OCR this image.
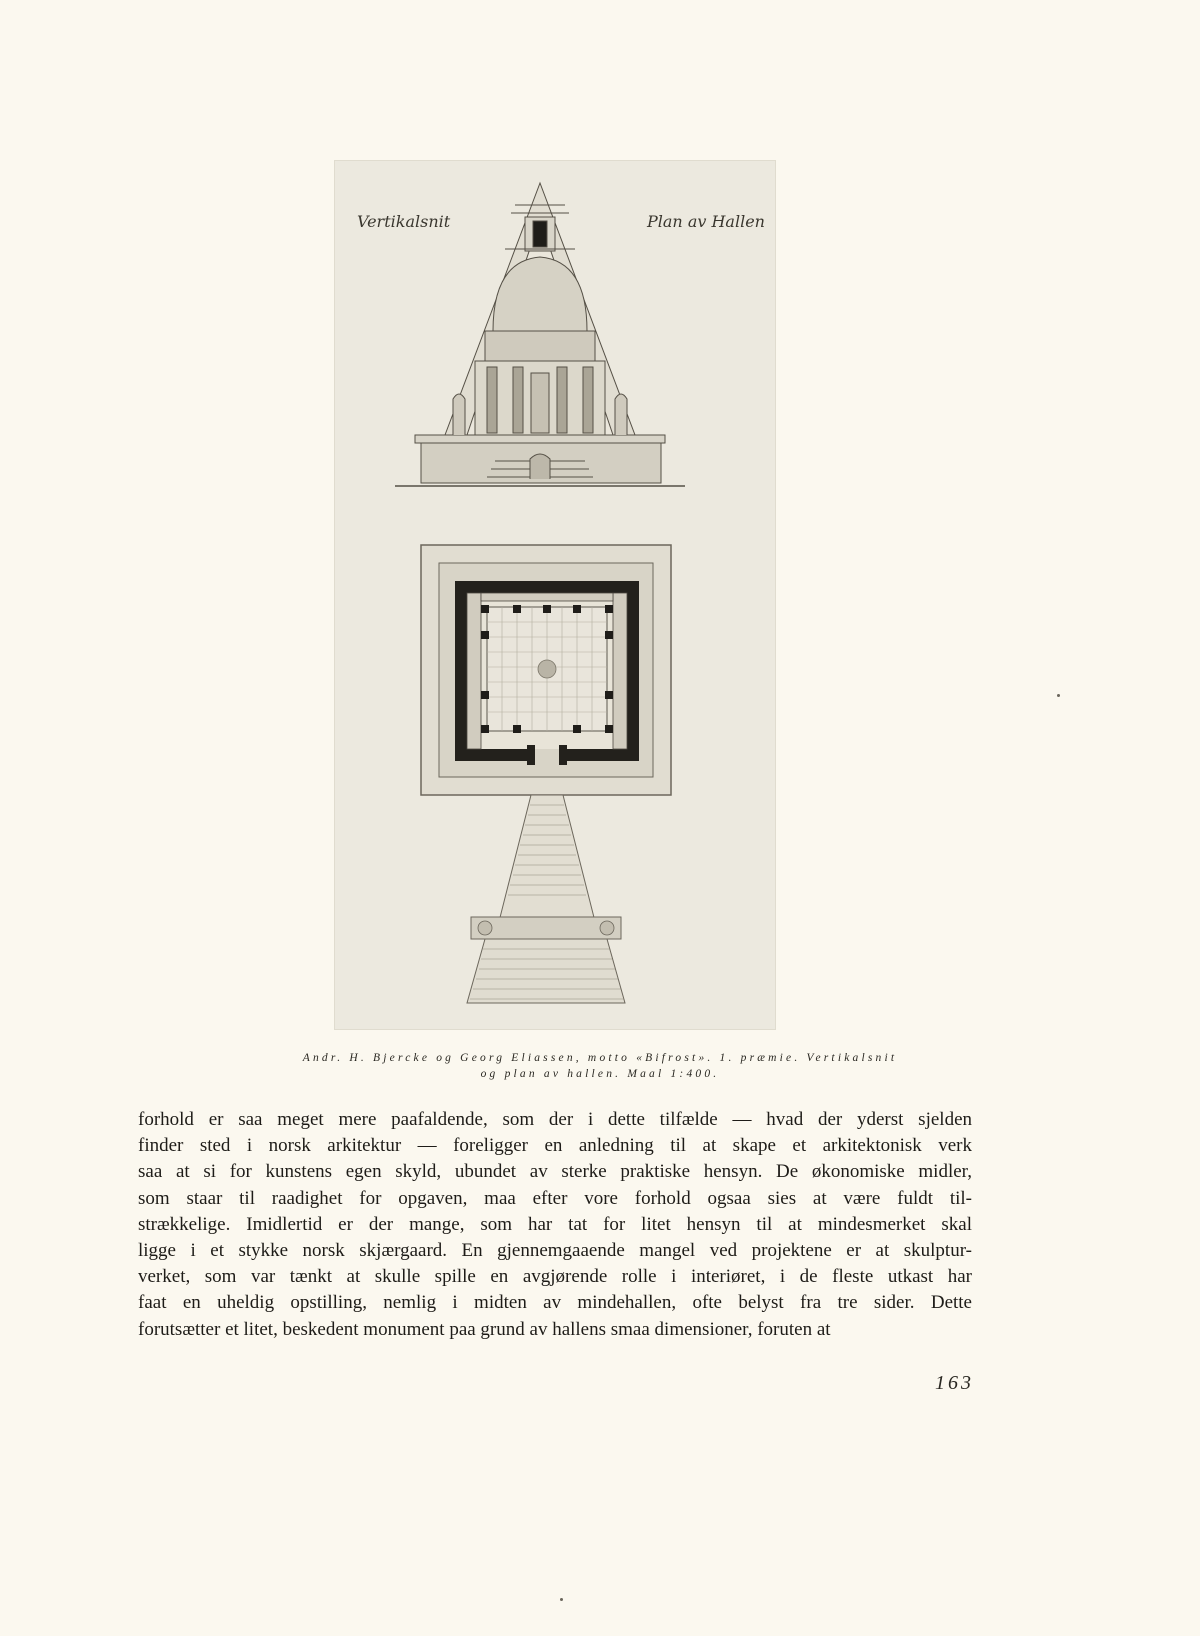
Vertikalsnit	Plan av Hallen
Andr. H. Bjercke og Georg Eliassen, motto «Bifrost». 1. præmie. Vertikalsnit
og plan av hallen. Maal 1:400.
forhold er saa meget mere paafaldende, som der i dette tilfælde — hvad der yderst sjelden
finder sted i norsk arkitektur — foreligger en anledning til at skape et arkitektonisk verk
saa at si for kunstens egen skyld, ubundet av sterke praktiske hensyn. De økonomiske midler,
som staar til raadighet for opgaven, maa efter vore forhold ogsaa sies at være fuldt til-
strækkelige. Imidlertid er der mange, som har tat for litet hensyn til at mindesmerket skal
ligge i et stykke norsk skjærgaard. En gjennemgaaende mangel ved projektene er at skulptur-
verket, som var tænkt at skulle spille en avgjørende rolle i interiøret, i de fleste utkast har
faat en uheldig opstilling, nemlig i midten av mindehallen, ofte belyst fra tre sider. Dette
forutsætter et litet, beskedent monument paa grund av hallens smaa dimensioner, foruten at
163
